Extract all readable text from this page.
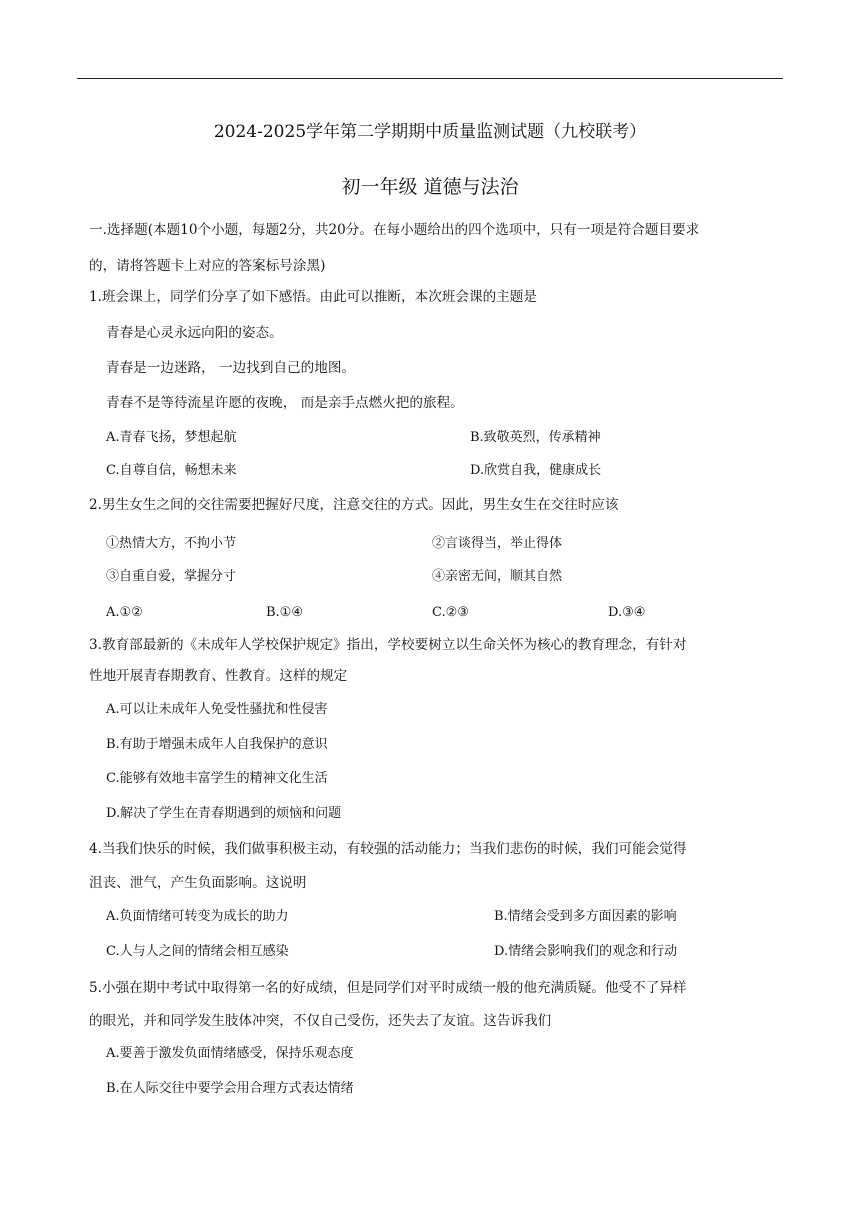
2024-2025学年第二学期期中质量监测试题（九校联考）
初一年级 道德与法治
一.选择题(本题10个小题，每题2分，共20分。在每小题给出的四个选项中，只有一项是符合题目要求
的，请将答题卡上对应的答案标号涂黑)
1.班会课上，同学们分享了如下感悟。由此可以推断，本次班会课的主题是
青春是心灵永远向阳的姿态。
青春是一边迷路， 一边找到自己的地图。
青春不是等待流星许愿的夜晚， 而是亲手点燃火把的旅程。
A.青春飞扬，梦想起航	B.致敬英烈，传承精神
C.自尊自信，畅想未来	D.欣赏自我，健康成长
2.男生女生之间的交往需要把握好尺度，注意交往的方式。因此，男生女生在交往时应该
①热情大方，不拘小节	②言谈得当，举止得体
③自重自爱，掌握分寸	④亲密无间，顺其自然
A.①②	B.①④	C.②③	D.③④
3.教育部最新的《未成年人学校保护规定》指出，学校要树立以生命关怀为核心的教育理念，有针对
性地开展青春期教育、性教育。这样的规定
A.可以让未成年人免受性骚扰和性侵害
B.有助于增强未成年人自我保护的意识
C.能够有效地丰富学生的精神文化生活
D.解决了学生在青春期遇到的烦恼和问题
4.当我们快乐的时候，我们做事积极主动，有较强的活动能力；当我们悲伤的时候，我们可能会觉得
沮丧、泄气，产生负面影响。这说明
A.负面情绪可转变为成长的助力	B.情绪会受到多方面因素的影响
C.人与人之间的情绪会相互感染	D.情绪会影响我们的观念和行动
5.小强在期中考试中取得第一名的好成绩，但是同学们对平时成绩一般的他充满质疑。他受不了异样
的眼光，并和同学发生肢体冲突，不仅自己受伤，还失去了友谊。这告诉我们
A.要善于激发负面情绪感受，保持乐观态度
B.在人际交往中要学会用合理方式表达情绪
